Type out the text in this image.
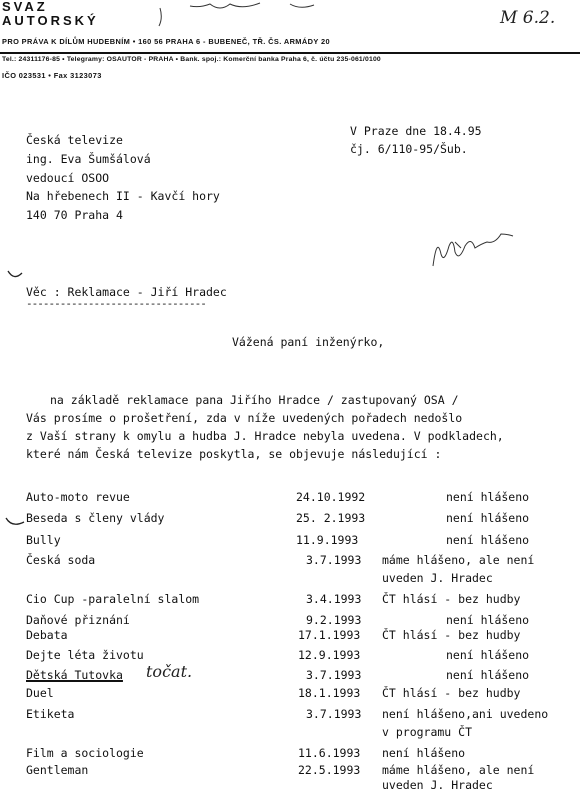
SVAZ
AUTORSKÝ
PRO PRÁVA K DÍLŮM HUDEBNÍM • 160 56 PRAHA 6 - BUBENEČ, TŘ. ČS. ARMÁDY 20
Tel.: 24311176-85 • Telegramy: OSAUTOR - PRAHA • Bank. spoj.: Komerční banka Praha 6, č. účtu 235-061/0100
IČO 023531 • Fax 3123073
M 6.2.
Česká televize
ing. Eva Šumšálová
vedoucí OSOO
Na hřebenech II - Kavčí hory
140 70 Praha 4
V Praze dne 18.4.95
čj. 6/110-95/Šub.
Věc : Reklamace - Jiří Hradec
--------------------------------
Vážená paní inženýrko,
na základě reklamace pana Jiřího Hradce / zastupovaný OSA /
Vás prosíme o prošetření, zda v níže uvedených pořadech nedošlo
z Vaší strany k omylu a hudba J. Hradce nebyla uvedena. V podkladech,
které nám Česká televize poskytla, se objevuje následující :
Auto-moto revue	24.10.1992	není hlášeno
Beseda s členy vlády	25. 2.1993	není hlášeno
Bully	11.9.1993	není hlášeno
Česká soda	3.7.1993 máme hlášeno, ale není
uveden J. Hradec
Cio Cup -paralelní slalom	3.4.1993 ČT hlásí - bez hudby
Daňové přiznání	9.2.1993	není hlášeno
Debata	17.1.1993 ČT hlásí - bez hudby
Dejte léta životu	12.9.1993	není hlášeno
Dětská Tutovka točat.	3.7.1993	není hlášeno
Duel	18.1.1993 ČT hlásí - bez hudby
Etiketa	3.7.1993 není hlášeno,ani uvedeno
v programu ČT
Film a sociologie	11.6.1993 není hlášeno
Gentleman	22.5.1993 máme hlášeno, ale není
uveden J. Hradec
